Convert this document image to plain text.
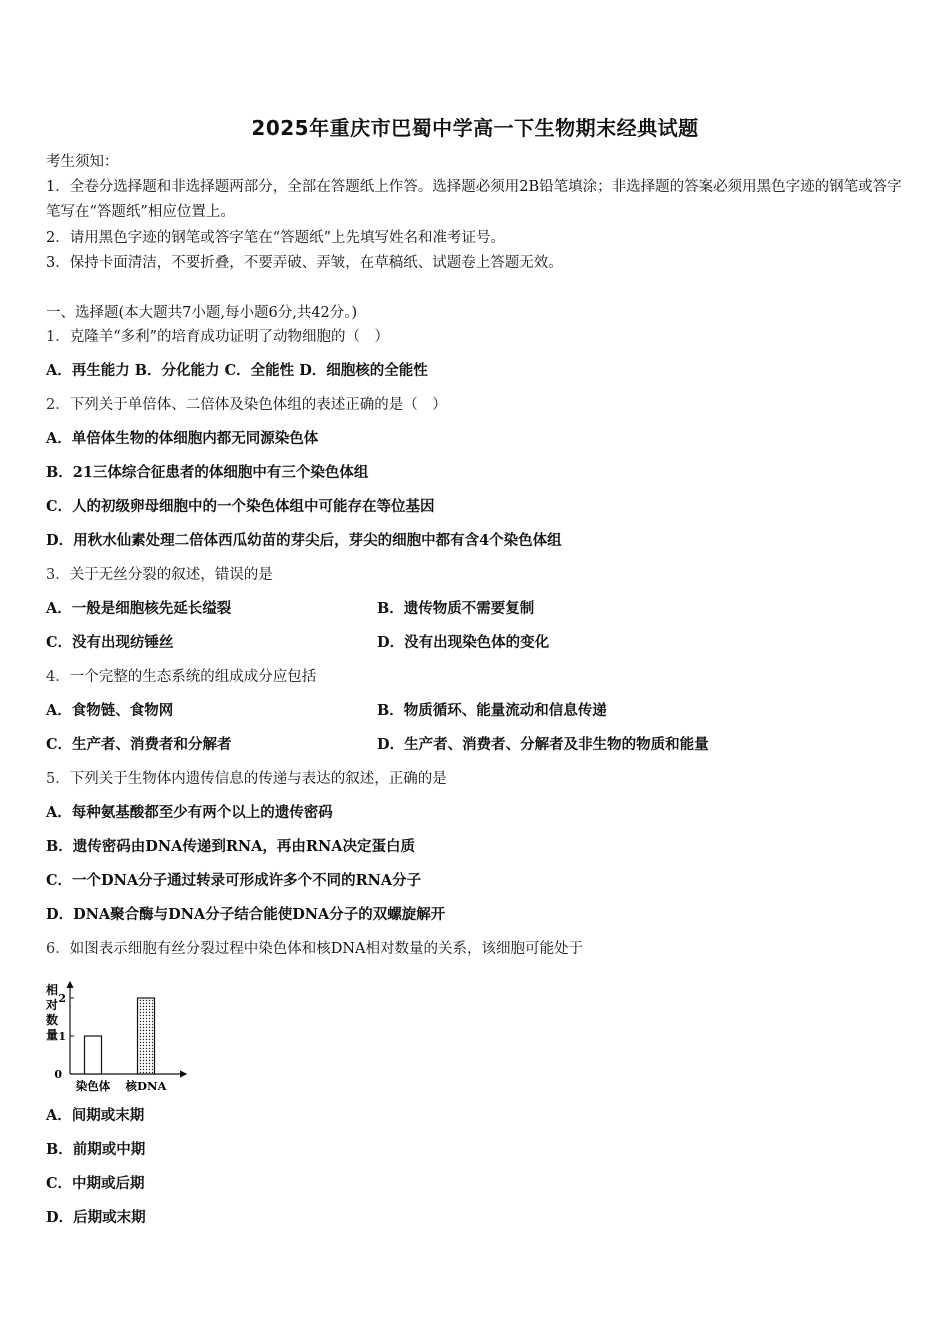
2025年重庆市巴蜀中学高一下生物期末经典试题
考生须知：
1．全卷分选择题和非选择题两部分，全部在答题纸上作答。选择题必须用2B铅笔填涂；非选择题的答案必须用黑色字迹的钢笔或答字笔写在“答题纸”相应位置上。
2．请用黑色字迹的钢笔或答字笔在“答题纸”上先填写姓名和准考证号。
3．保持卡面清洁，不要折叠，不要弄破、弄皱，在草稿纸、试题卷上答题无效。
一、选择题(本大题共7小题,每小题6分,共42分。)
1．克隆羊“多利”的培育成功证明了动物细胞的（　）
A．再生能力 B．分化能力 C．全能性 D．细胞核的全能性
2．下列关于单倍体、二倍体及染色体组的表述正确的是（　）
A．单倍体生物的体细胞内都无同源染色体
B．21三体综合征患者的体细胞中有三个染色体组
C．人的初级卵母细胞中的一个染色体组中可能存在等位基因
D．用秋水仙素处理二倍体西瓜幼苗的芽尖后，芽尖的细胞中都有含4个染色体组
3．关于无丝分裂的叙述，错误的是
A．一般是细胞核先延长缢裂	B．遗传物质不需要复制
C．没有出现纺锤丝	D．没有出现染色体的变化
4．一个完整的生态系统的组成成分应包括
A．食物链、食物网	B．物质循环、能量流动和信息传递
C．生产者、消费者和分解者	D．生产者、消费者、分解者及非生物的物质和能量
5．下列关于生物体内遗传信息的传递与表达的叙述，正确的是
A．每种氨基酸都至少有两个以上的遗传密码
B．遗传密码由DNA传递到RNA，再由RNA决定蛋白质
C．一个DNA分子通过转录可形成许多个不同的RNA分子
D．DNA聚合酶与DNA分子结合能使DNA分子的双螺旋解开
6．如图表示细胞有丝分裂过程中染色体和核DNA相对数量的关系，该细胞可能处于
相
对
数
量
0
1
2
染色体 核DNA
A．间期或末期
B．前期或中期
C．中期或后期
D．后期或末期
